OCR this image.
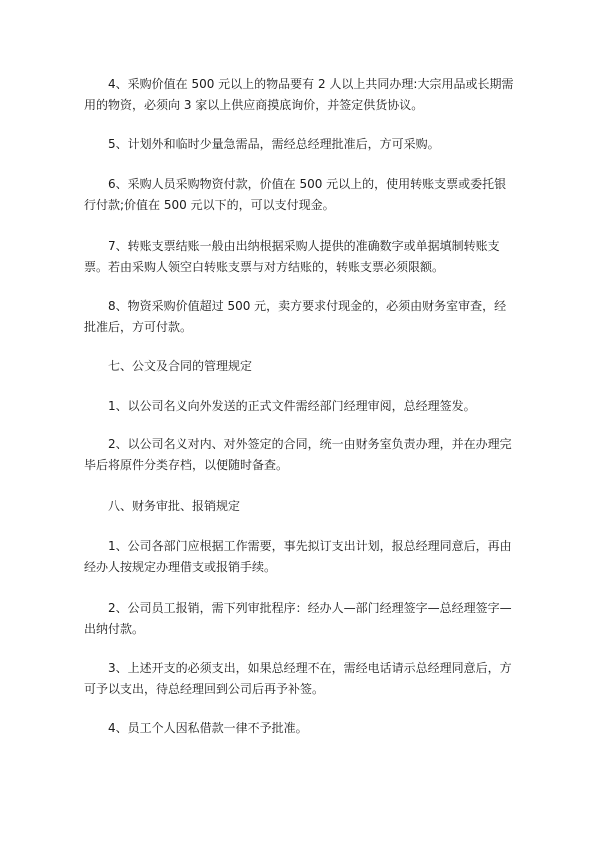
4、采购价值在 500 元以上的物品要有 2 人以上共同办理:大宗用品或长期需用的物资，必须向 3 家以上供应商摸底询价，并签定供货协议。

5、计划外和临时少量急需品，需经总经理批准后，方可采购。

6、采购人员采购物资付款，价值在 500 元以上的，使用转账支票或委托银行付款;价值在 500 元以下的，可以支付现金。

7、转账支票结账一般由出纳根据采购人提供的准确数字或单据填制转账支票。若由采购人领空白转账支票与对方结账的，转账支票必须限额。

8、物资采购价值超过 500 元，卖方要求付现金的，必须由财务室审查，经批准后，方可付款。

七、公文及合同的管理规定

1、以公司名义向外发送的正式文件需经部门经理审阅，总经理签发。

2、以公司名义对内、对外签定的合同，统一由财务室负责办理，并在办理完毕后将原件分类存档，以便随时备查。

八、财务审批、报销规定

1、公司各部门应根据工作需要，事先拟订支出计划，报总经理同意后，再由经办人按规定办理借支或报销手续。

2、公司员工报销，需下列审批程序：经办人—部门经理签字—总经理签字—出纳付款。

3、上述开支的必须支出，如果总经理不在，需经电话请示总经理同意后，方可予以支出，待总经理回到公司后再予补签。

4、员工个人因私借款一律不予批准。
